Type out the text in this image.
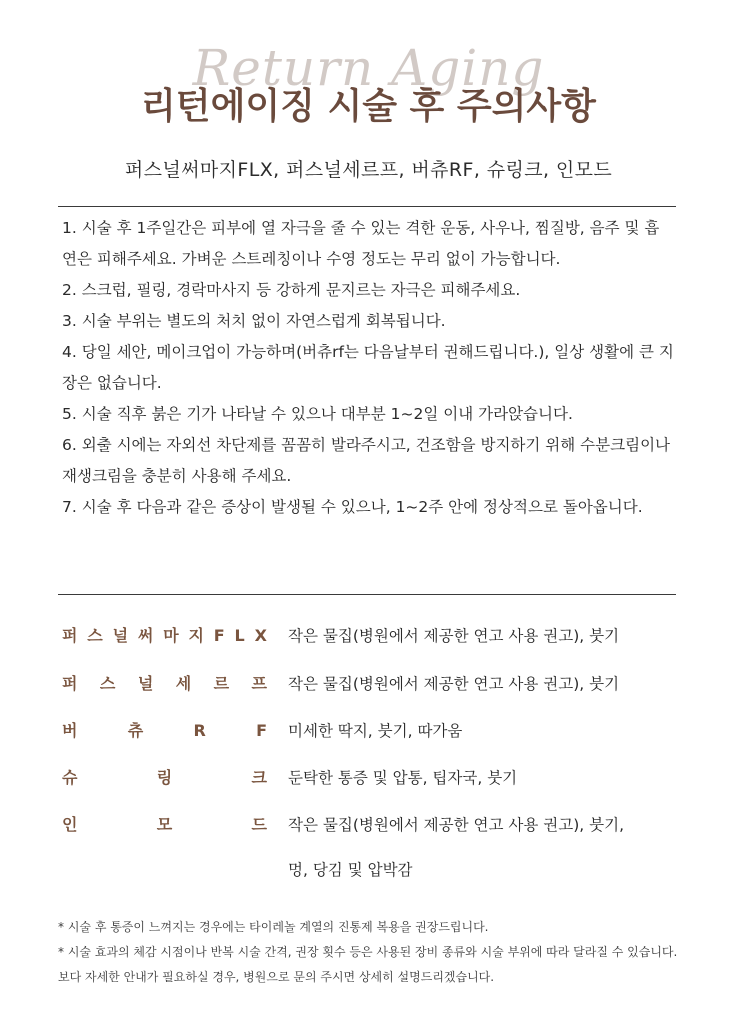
Return Aging
리턴에이징 시술 후 주의사항
퍼스널써마지FLX, 퍼스널세르프, 버츄RF, 슈링크, 인모드

1. 시술 후 1주일간은 피부에 열 자극을 줄 수 있는 격한 운동, 사우나, 찜질방, 음주 및 흡연은 피해주세요. 가벼운 스트레칭이나 수영 정도는 무리 없이 가능합니다.

2. 스크럽, 필링, 경락마사지 등 강하게 문지르는 자극은 피해주세요.

3. 시술 부위는 별도의 처치 없이 자연스럽게 회복됩니다.

4. 당일 세안, 메이크업이 가능하며(버츄rf는 다음날부터 권해드립니다.), 일상 생활에 큰 지장은 없습니다.

5. 시술 직후 붉은 기가 나타날 수 있으나 대부분 1~2일 이내 가라앉습니다.

6. 외출 시에는 자외선 차단제를 꼼꼼히 발라주시고, 건조함을 방지하기 위해 수분크림이나 재생크림을 충분히 사용해 주세요.

7. 시술 후 다음과 같은 증상이 발생될 수 있으나, 1~2주 안에 정상적으로 돌아옵니다.

퍼 스 널 써 마 지 F L X 작은 물집(병원에서 제공한 연고 사용 권고), 붓기
퍼 스 널 세 르 프 작은 물집(병원에서 제공한 연고 사용 권고), 붓기
버	츄	R	F 미세한 딱지, 붓기, 따가움
슈	링	크 둔탁한 통증 및 압통, 팁자국, 붓기
인	모	드 작은 물집(병원에서 제공한 연고 사용 권고), 붓기,
멍, 당김 및 압박감

* 시술 후 통증이 느껴지는 경우에는 타이레놀 계열의 진통제 복용을 권장드립니다.

* 시술 효과의 체감 시점이나 반복 시술 간격, 권장 횟수 등은 사용된 장비 종류와 시술 부위에 따라 달라질 수 있습니다. 보다 자세한 안내가 필요하실 경우, 병원으로 문의 주시면 상세히 설명드리겠습니다.
